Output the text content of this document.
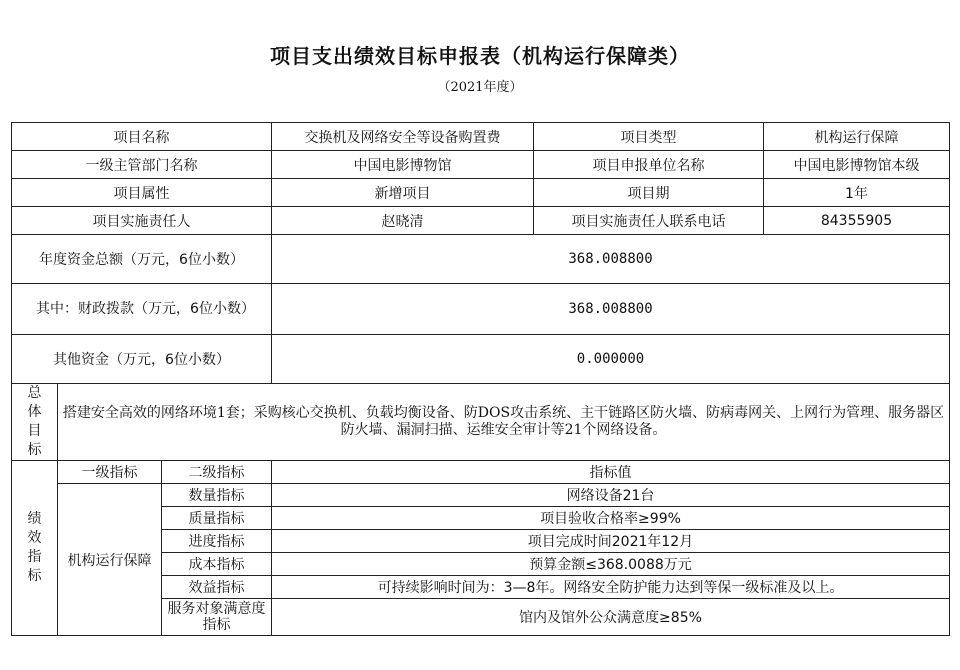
项目支出绩效目标申报表（机构运行保障类）
（2021年度）
项目名称			交换机及网络安全等设备购置费	项目类型	机构运行保障
一级主管部门名称			中国电影博物馆	项目申报单位名称	中国电影博物馆本级
项目属性			新增项目	项目期	1年
项目实施责任人			赵晓清	项目实施责任人联系电话	84355905
年度资金总额（万元，6位小数）			368.008800		
其中：财政拨款（万元，6位小数）			368.008800		
其他资金（万元，6位小数）			0.000000		

总体目标	搭建安全高效的网络环境1套；采购核心交换机、负载均衡设备、防DOS攻击系统、主干链路区防火墙、防病毒网关、上网行为管理、服务器区防火墙、漏洞扫描、运维安全审计等21个网络设备。				

绩效指标	一级指标	二级指标	指标值		
	机构运行保障	数量指标	网络设备21台		
		质量指标	项目验收合格率≥99%		
		进度指标	项目完成时间2021年12月		
		成本指标	预算金额≤368.0088万元		
		效益指标	可持续影响时间为：3—8年。网络安全防护能力达到等保一级标准及以上。		
		服务对象满意度指标	馆内及馆外公众满意度≥85%		
